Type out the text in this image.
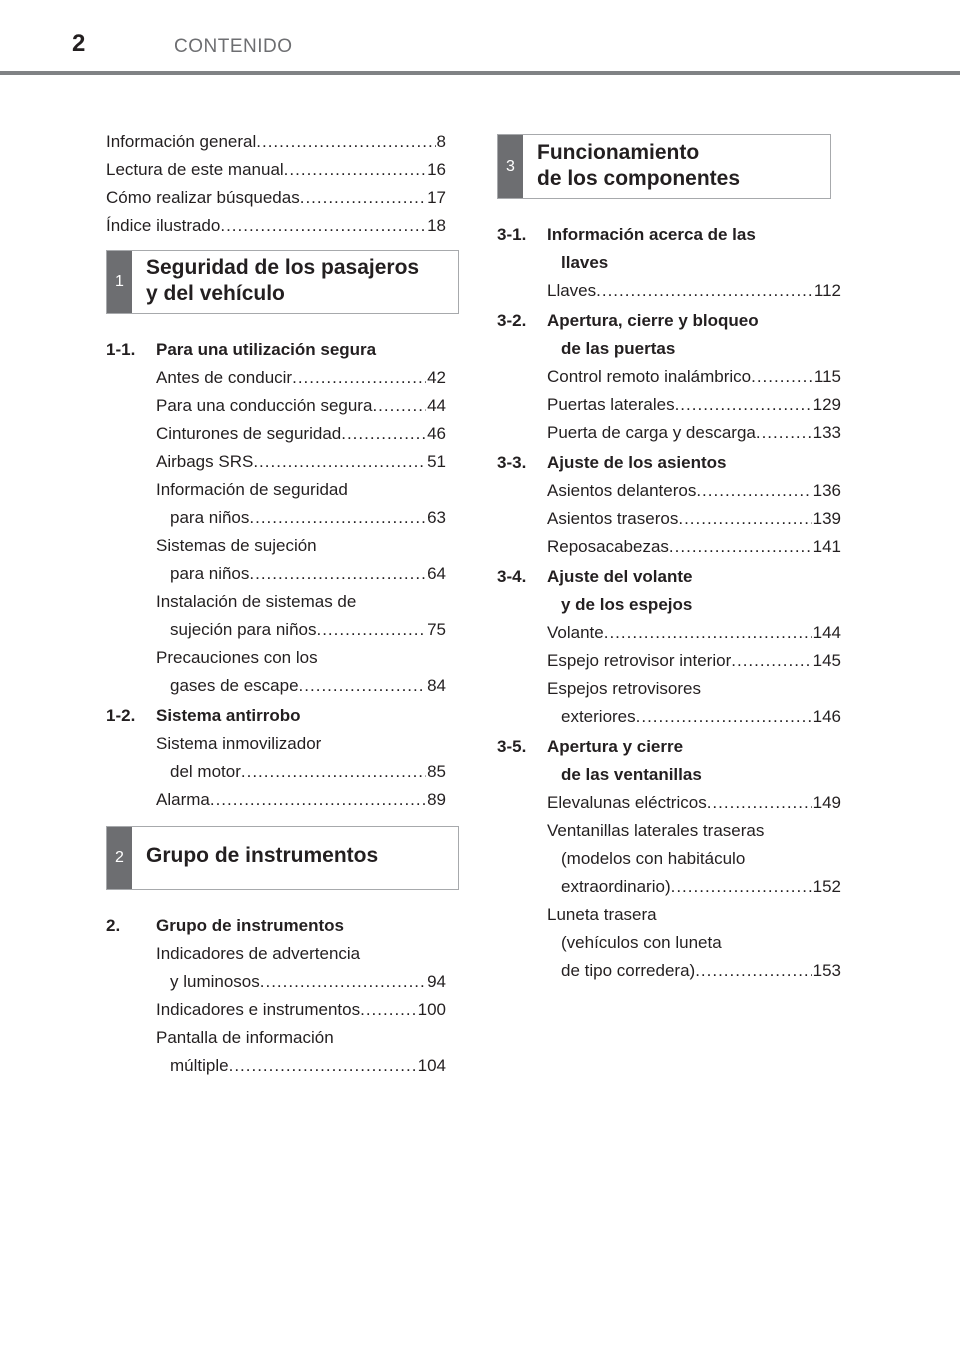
2	CONTENIDO
Información general .....	8
Lectura de este manual .....	16
Cómo realizar búsquedas .....	17
Índice ilustrado .....	18
1
Seguridad de los pasajeros
y del vehículo
1-1.	Para una utilización segura
Antes de conducir .....	42
Para una conducción segura .....	44
Cinturones de seguridad .....	46
Airbags SRS .....	51
Información de seguridad
para niños .....	63
Sistemas de sujeción
para niños .....	64
Instalación de sistemas de
sujeción para niños .....	75
Precauciones con los
gases de escape .....	84
1-2.	Sistema antirrobo
Sistema inmovilizador
del motor .....	85
Alarma .....	89
2	Grupo de instrumentos
2.	Grupo de instrumentos
Indicadores de advertencia
y luminosos .....	94
Indicadores e instrumentos .....	100
Pantalla de información
múltiple .....	104
3
Funcionamiento
de los componentes
3-1.	Información acerca de las
llaves
Llaves .....	112
3-2.	Apertura, cierre y bloqueo
de las puertas
Control remoto inalámbrico .....	115
Puertas laterales .....	129
Puerta de carga y descarga .....	133
3-3.	Ajuste de los asientos
Asientos delanteros .....	136
Asientos traseros .....	139
Reposacabezas .....	141
3-4.	Ajuste del volante
y de los espejos
Volante .....	144
Espejo retrovisor interior .....	145
Espejos retrovisores
exteriores .....	146
3-5.	Apertura y cierre
de las ventanillas
Elevalunas eléctricos .....	149
Ventanillas laterales traseras
(modelos con habitáculo
extraordinario) .....	152
Luneta trasera
(vehículos con luneta
de tipo corredera) .....	153
